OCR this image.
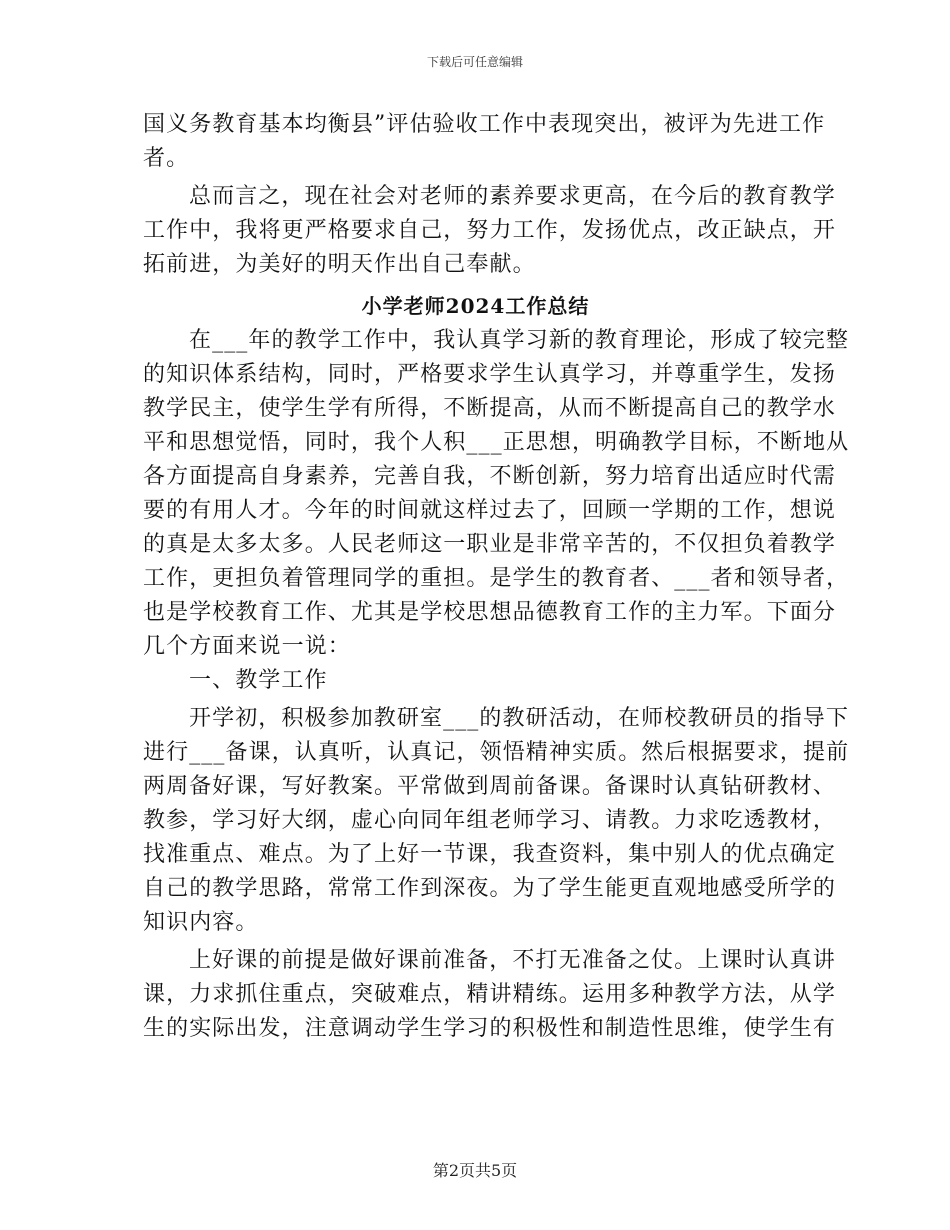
下载后可任意编辑
国义务教育基本均衡县”评估验收工作中表现突出，被评为先进工作
者。
总而言之，现在社会对老师的素养要求更高，在今后的教育教学
工作中，我将更严格要求自己，努力工作，发扬优点，改正缺点，开
拓前进，为美好的明天作出自己奉献。
小学老师2024工作总结
在___年的教学工作中，我认真学习新的教育理论，形成了较完整
的知识体系结构，同时，严格要求学生认真学习，并尊重学生，发扬
教学民主，使学生学有所得，不断提高，从而不断提高自己的教学水
平和思想觉悟，同时，我个人积___正思想，明确教学目标，不断地从
各方面提高自身素养，完善自我，不断创新，努力培育出适应时代需
要的有用人才。今年的时间就这样过去了，回顾一学期的工作，想说
的真是太多太多。人民老师这一职业是非常辛苦的，不仅担负着教学
工作，更担负着管理同学的重担。是学生的教育者、___者和领导者，
也是学校教育工作、尤其是学校思想品德教育工作的主力军。下面分
几个方面来说一说：
一、教学工作
开学初，积极参加教研室___的教研活动，在师校教研员的指导下
进行___备课，认真听，认真记，领悟精神实质。然后根据要求，提前
两周备好课，写好教案。平常做到周前备课。备课时认真钻研教材、
教参，学习好大纲，虚心向同年组老师学习、请教。力求吃透教材，
找准重点、难点。为了上好一节课，我查资料，集中别人的优点确定
自己的教学思路，常常工作到深夜。为了学生能更直观地感受所学的
知识内容。
上好课的前提是做好课前准备，不打无准备之仗。上课时认真讲
课，力求抓住重点，突破难点，精讲精练。运用多种教学方法，从学
生的实际出发，注意调动学生学习的积极性和制造性思维，使学生有
第2页共5页
